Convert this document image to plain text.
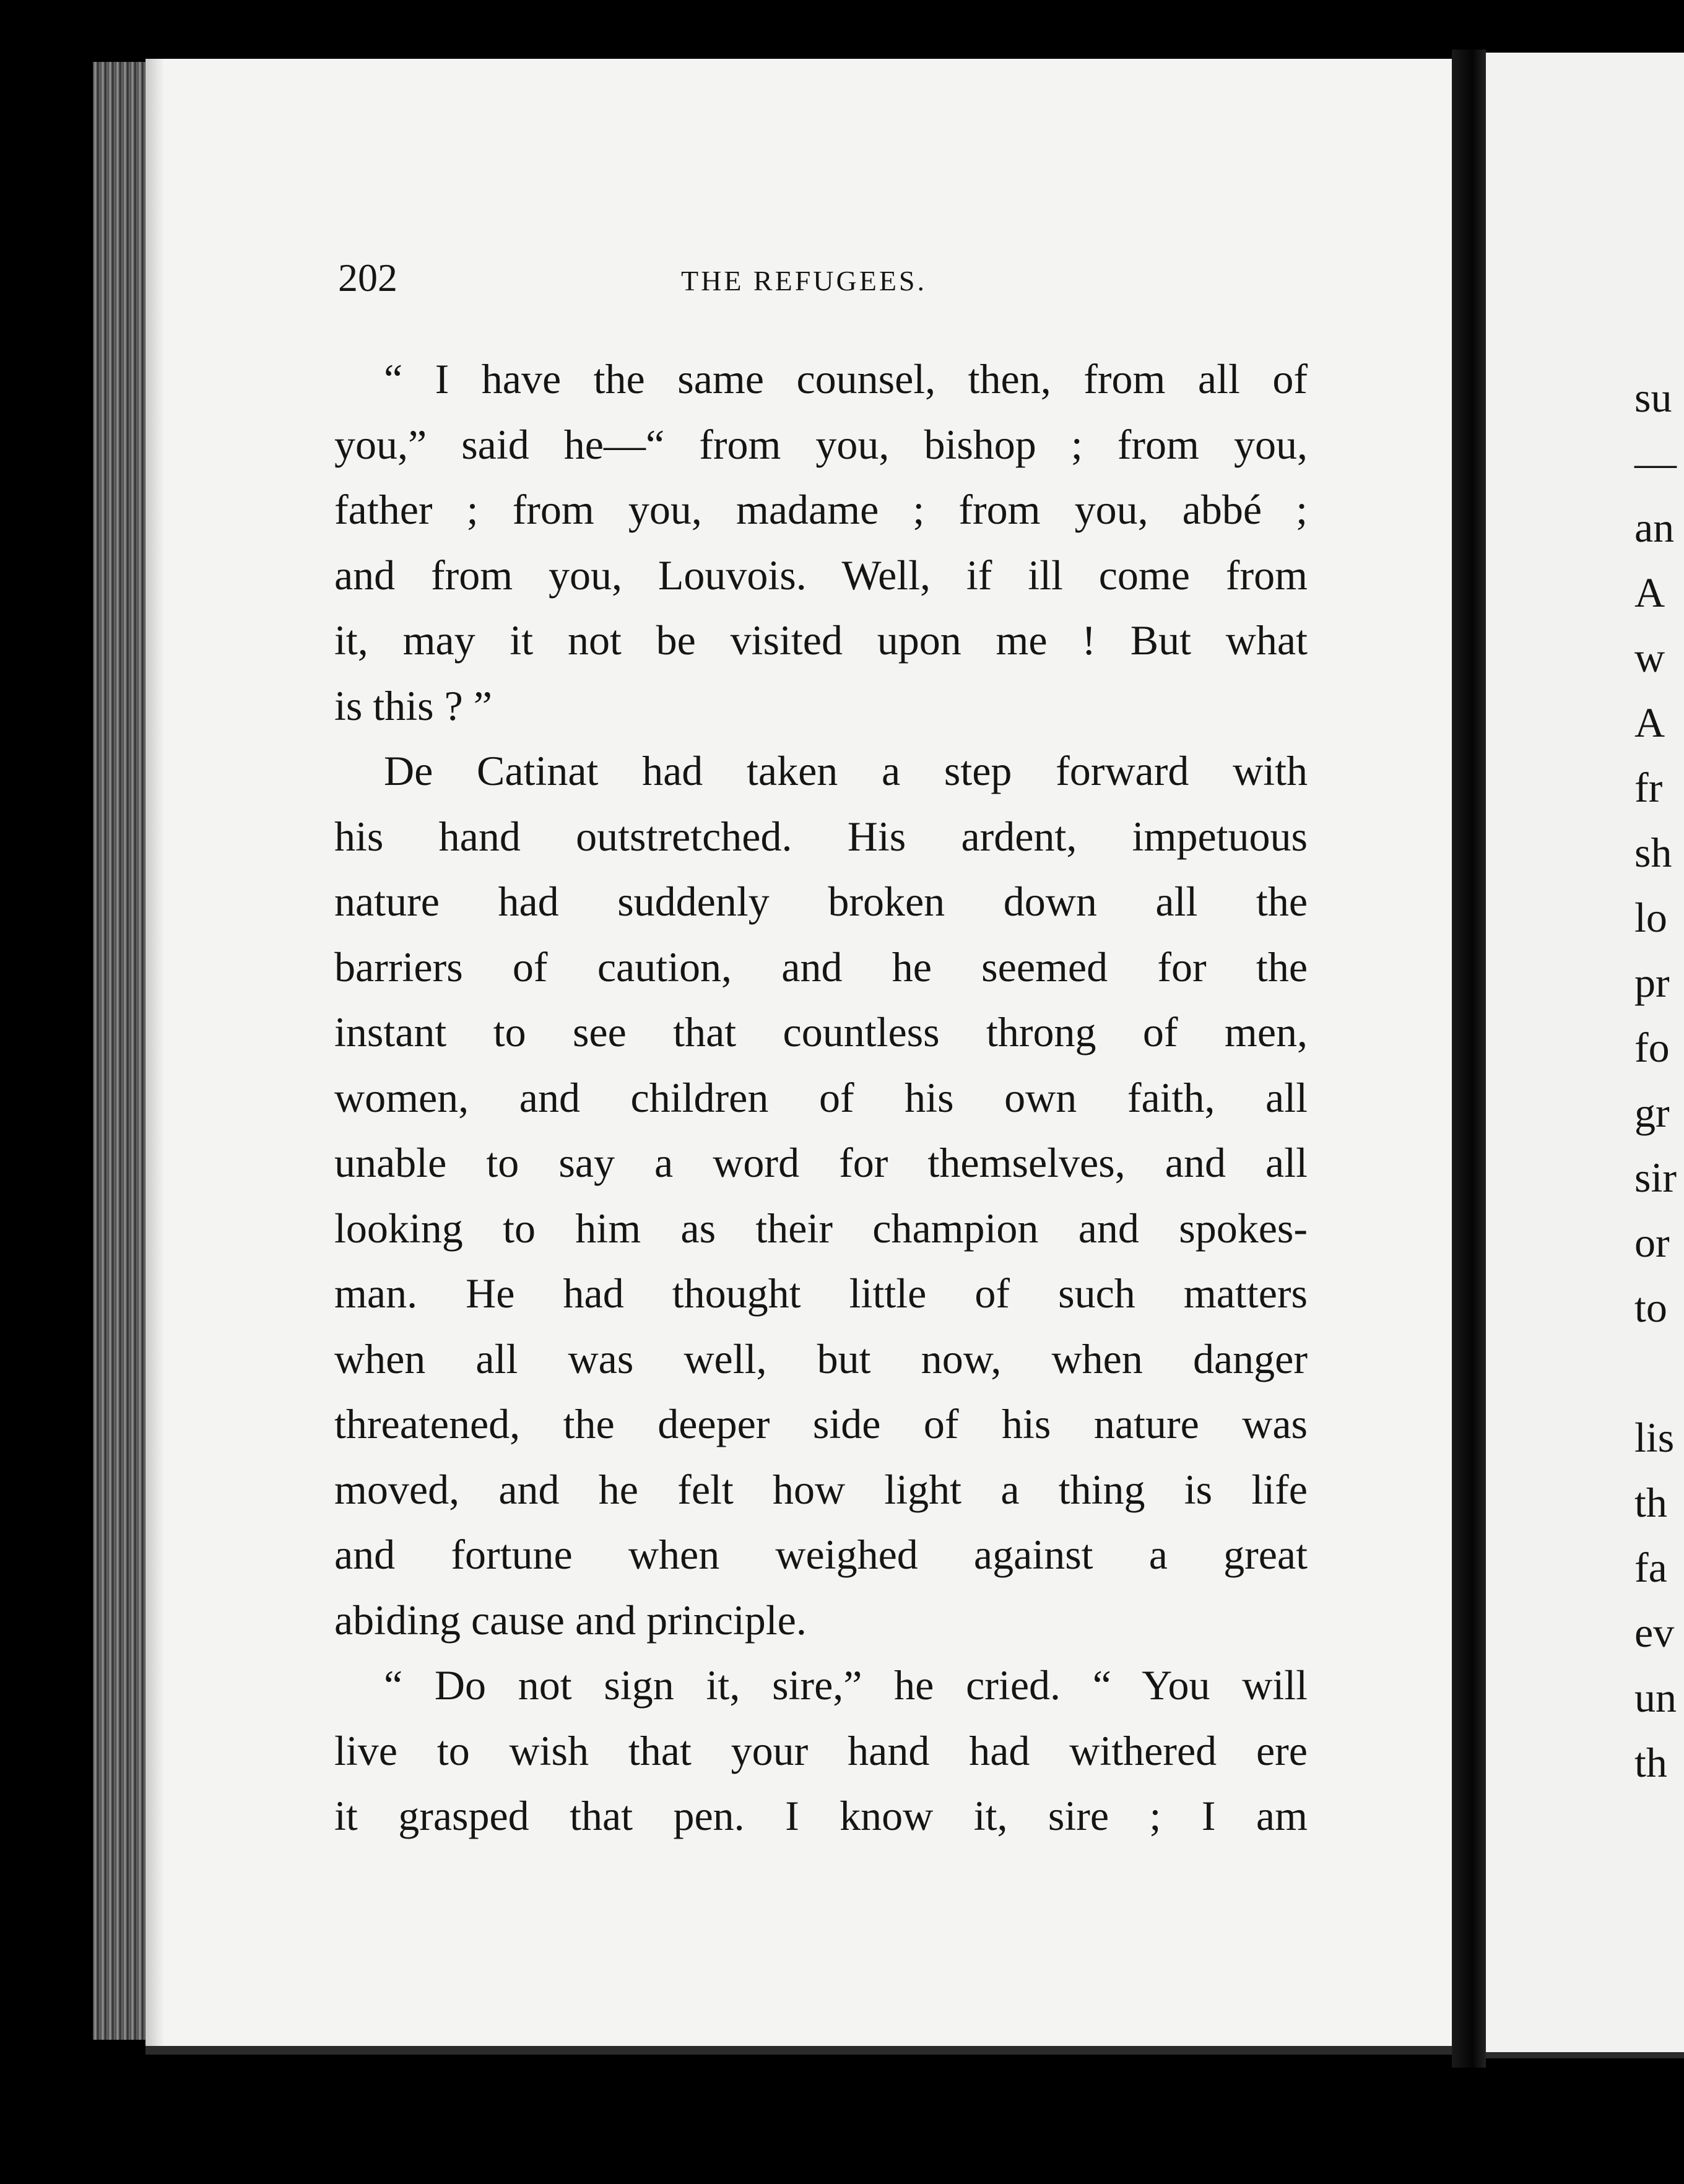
202	THE REFUGEES.
“ I have the same counsel, then, from all of
you,” said he—“ from you, bishop ; from you,
father ; from you, madame ; from you, abbé ;
and from you, Louvois. Well, if ill come from
it, may it not be visited upon me ! But what
is this ? ”
De Catinat had taken a step forward with
his hand outstretched. His ardent, impetuous
nature had suddenly broken down all the
barriers of caution, and he seemed for the
instant to see that countless throng of men,
women, and children of his own faith, all
unable to say a word for themselves, and all
looking to him as their champion and spokes-
man. He had thought little of such matters
when all was well, but now, when danger
threatened, the deeper side of his nature was
moved, and he felt how light a thing is life
and fortune when weighed against a great
abiding cause and principle.
“ Do not sign it, sire,” he cried. “ You will
live to wish that your hand had withered ere
it grasped that pen. I know it, sire ; I am
su
—
an
A
w
A
fr
sh
lo
pr
fo
gr
sir
or
to
lis
th
fa
ev
un
th
